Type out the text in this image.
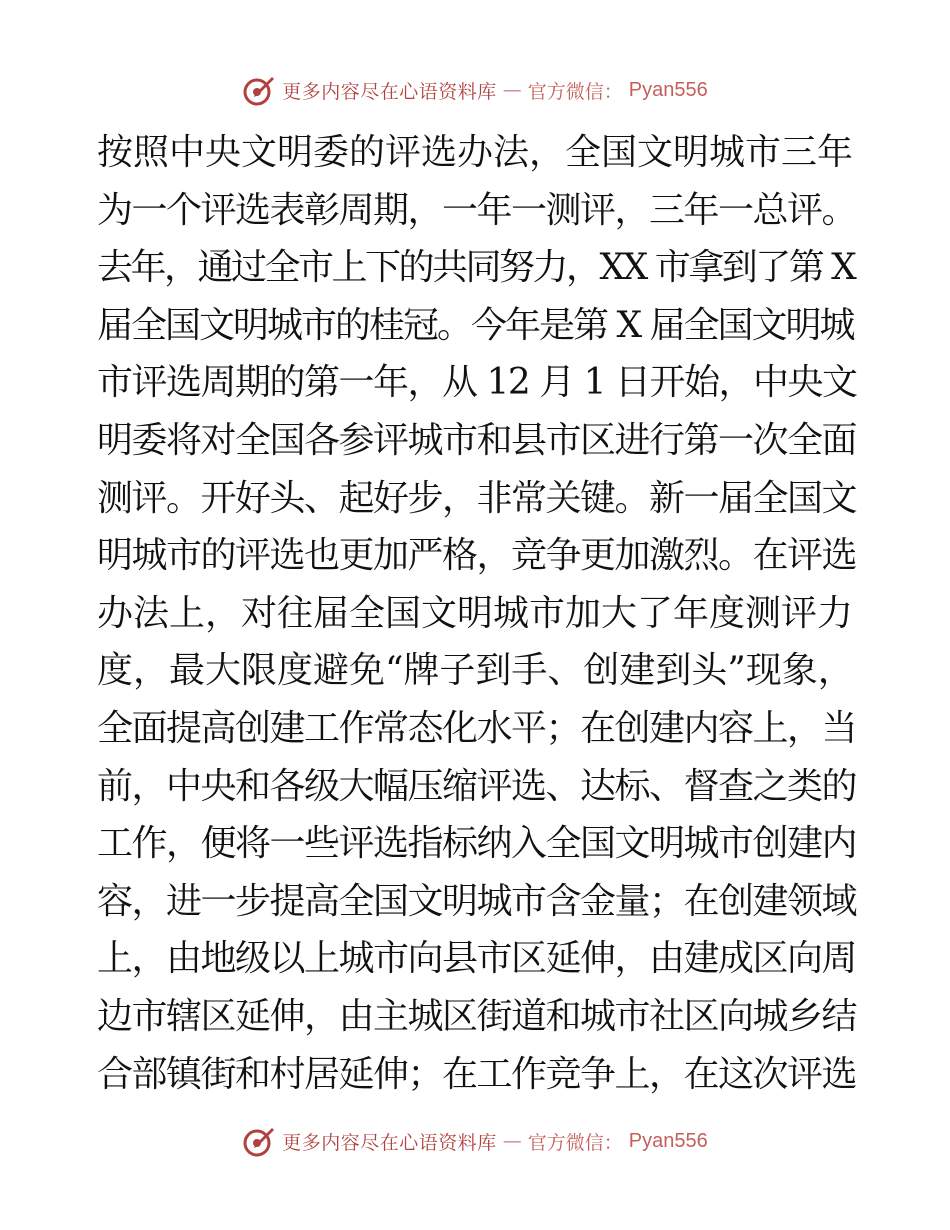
更多内容尽在心语资料库 — 官方微信： Pyan556
按照中央文明委的评选办法，全国文明城市三年
为一个评选表彰周期，一年一测评，三年一总评。
去年，通过全市上下的共同努力，XX 市拿到了第 X
届全国文明城市的桂冠。今年是第 X 届全国文明城
市评选周期的第一年，从 12 月 1 日开始，中央文
明委将对全国各参评城市和县市区进行第一次全面
测评。开好头、起好步，非常关键。新一届全国文
明城市的评选也更加严格，竞争更加激烈。在评选
办法上，对往届全国文明城市加大了年度测评力
度，最大限度避免“牌子到手、创建到头”现象，
全面提高创建工作常态化水平；在创建内容上，当
前，中央和各级大幅压缩评选、达标、督查之类的
工作，便将一些评选指标纳入全国文明城市创建内
容，进一步提高全国文明城市含金量；在创建领域
上，由地级以上城市向县市区延伸，由建成区向周
边市辖区延伸，由主城区街道和城市社区向城乡结
合部镇街和村居延伸；在工作竞争上，在这次评选
更多内容尽在心语资料库 — 官方微信： Pyan556
